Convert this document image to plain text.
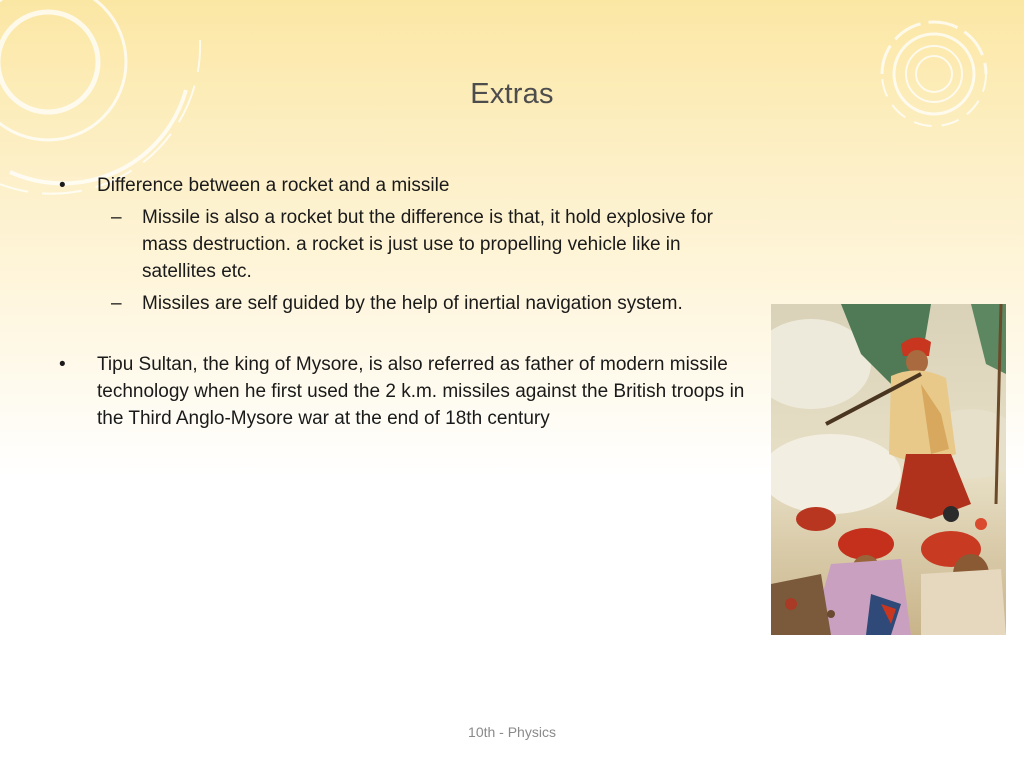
Extras
• Difference between a rocket and a missile
– Missile is also a rocket but the difference is that, it hold explosive for mass destruction. a rocket is just use to propelling vehicle like in satellites etc.
– Missiles are self guided by the help of inertial navigation system.
• Tipu Sultan, the king of Mysore, is also referred as father of modern missile technology when he first used the 2 k.m. missiles against the British troops in the Third Anglo-Mysore war at the end of 18th century
10th - Physics
